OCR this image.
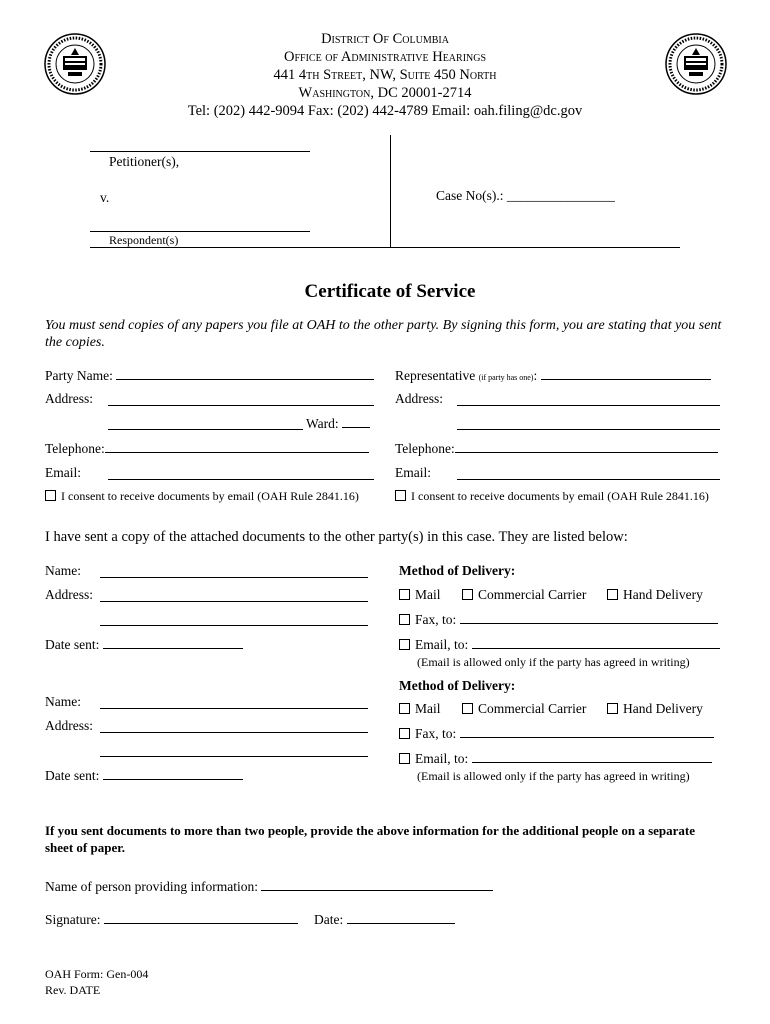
District Of Columbia
Office of Administrative Hearings
441 4th Street, NW, Suite 450 North
Washington, DC 20001-2714
Tel: (202) 442-9094 Fax: (202) 442-4789 Email: oah.filing@dc.gov
Petitioner(s),
v.
Respondent(s)
Case No(s).: ________________
Certificate of Service
You must send copies of any papers you file at OAH to the other party. By signing this form, you are stating that you sent the copies.
Party Name:
Address:
Ward:
Telephone:
Email:
I consent to receive documents by email (OAH Rule 2841.16)
Representative (if party has one):
Address:
Telephone:
Email:
I consent to receive documents by email (OAH Rule 2841.16)
I have sent a copy of the attached documents to the other party(s) in this case. They are listed below:
Name:
Address:
Date sent:
Method of Delivery:
Mail	Commercial Carrier	Hand Delivery
Fax, to:
Email, to:
(Email is allowed only if the party has agreed in writing)
Name:
Address:
Date sent:
Method of Delivery:
Mail	Commercial Carrier	Hand Delivery
Fax, to:
Email, to:
(Email is allowed only if the party has agreed in writing)
If you sent documents to more than two people, provide the above information for the additional people on a separate sheet of paper.
Name of person providing information:
Signature:	Date:
OAH Form: Gen-004
Rev. DATE
